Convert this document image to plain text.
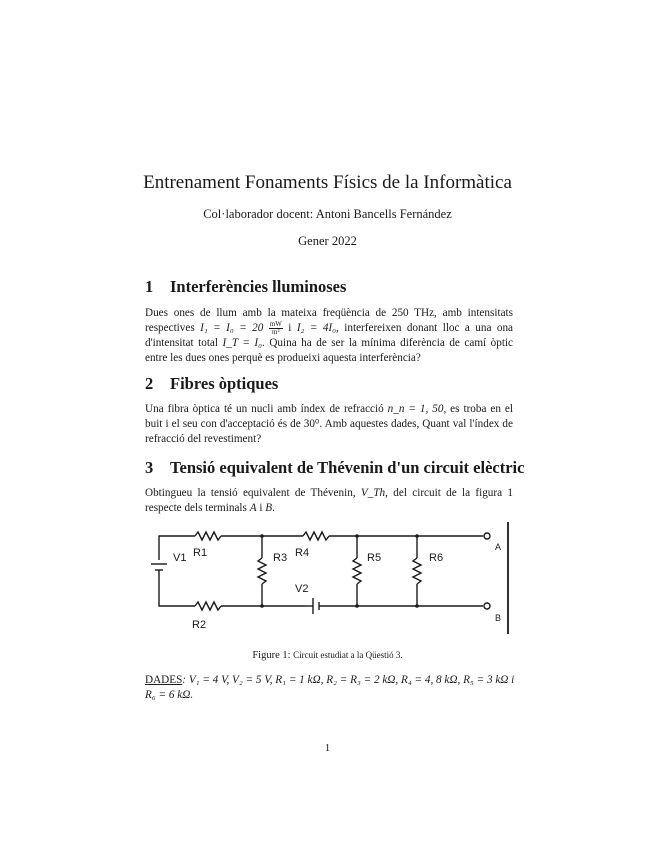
Entrenament Fonaments Físics de la Informàtica
Col·laborador docent: Antoni Bancells Fernández
Gener 2022
1 Interferències lluminoses

Dues ones de llum amb la mateixa freqüència de 250 THz, amb intensitats respectives $I_1 = I_0 = 20 \frac{mW}{\text{m²}}$ i I₂ = 4I₀, interfereixen donant lloc a una ona d'intensitat total I_T = I₀. Quina ha de ser la mínima diferència de camí òptic entre les dues ones perquè es produeixi aquesta interferència?

2 Fibres òptiques

Una fibra òptica té un nucli amb índex de refracció n_n = 1, 50, es troba en el buit i el seu con d'acceptació és de 30⁰. Amb aquestes dades, Quant val l'índex de refracció del revestiment?

3 Tensió equivalent de Thévenin d'un circuit elèctric

Obtingueu la tensió equivalent de Thévenin, V_Th, del circuit de la figura 1 respecte dels terminals A i B.

V1 R1
R2
R3 R4
V2
R5	R6
A
B
Figure 1: Circuit estudiat a la Qüestió 3.
DADES: V₁ = 4 V, V₂ = 5 V, R₁ = 1 kΩ, R₂ = R₃ = 2 kΩ, R₄ = 4, 8 kΩ, R₅ = 3 kΩ i R₆ = 6 kΩ.
1
